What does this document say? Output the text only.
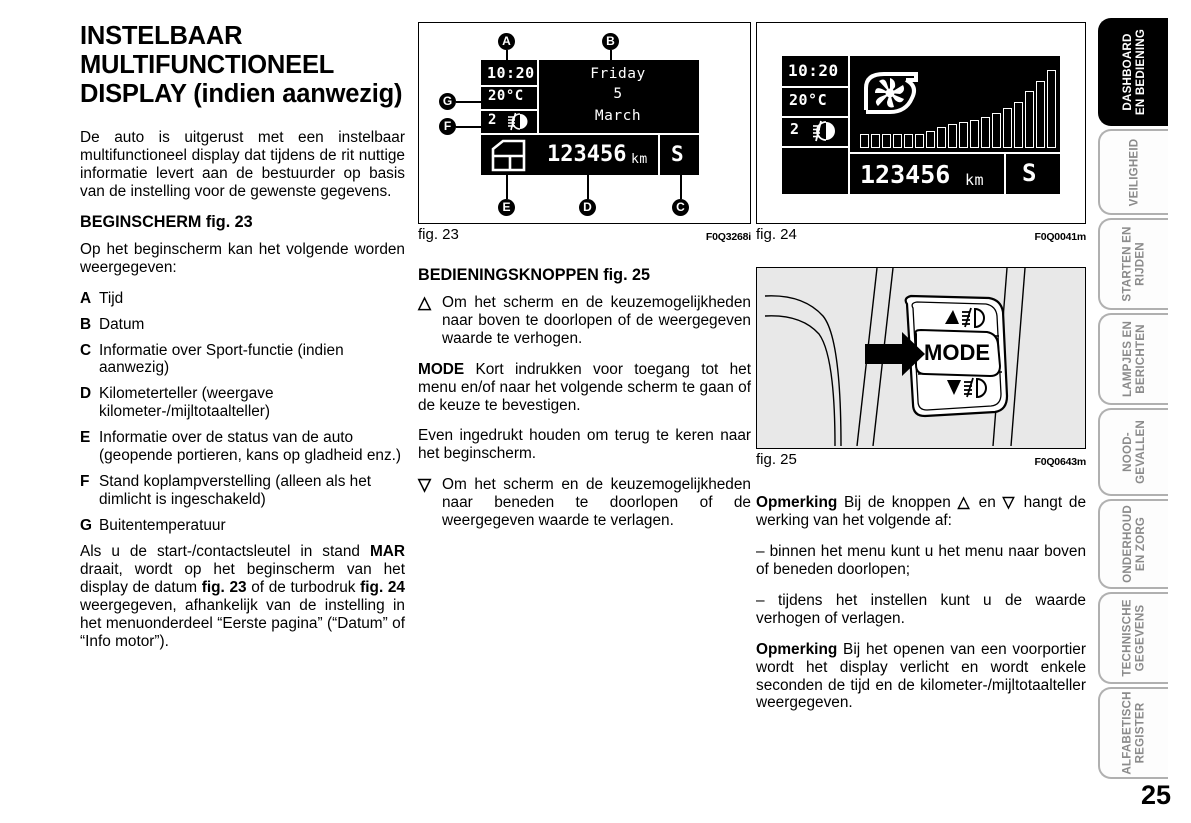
INSTELBAAR MULTIFUNCTIONEEL DISPLAY (indien aanwezig)

De auto is uitgerust met een instelbaar multifunctioneel display dat tijdens de rit nuttige informatie levert aan de bestuurder op basis van de instelling voor de gewenste gegevens.

BEGINSCHERM fig. 23

Op het beginscherm kan het volgende worden weergegeven:

A Tijd
B Datum
C Informatie over Sport-functie (indien aanwezig)
D Kilometerteller (weergave kilometer-/mijltotaalteller)
E Informatie over de status van de auto (geopende portieren, kans op gladheid enz.)
F Stand koplampverstelling (alleen als het dimlicht is ingeschakeld)
G Buitentemperatuur

Als u de start-/contactsleutel in stand MAR draait, wordt op het beginscherm van het display de datum fig. 23 of de turbodruk fig. 24 weergegeven, afhankelijk van de instelling in het menuonderdeel “Eerste pagina” (“Datum” of “Info motor”).

A	B
G
F
E	D	C
10:20
20°C
2
Friday
5
March
123456 km S
fig. 23	F0Q3268i
BEDIENINGSKNOPPEN fig. 25
△ Om het scherm en de keuzemogelijkheden naar boven te doorlopen of de weergegeven waarde te verhogen.

MODE Kort indrukken voor toegang tot het menu en/of naar het volgende scherm te gaan of de keuze te bevestigen.

Even ingedrukt houden om terug te keren naar het beginscherm.

▽ Om het scherm en de keuzemogelijkheden naar beneden te doorlopen of de weergegeven waarde te verlagen.
10:20
20°C
2
123456 km S
fig. 24	F0Q0041m
MODE
fig. 25	F0Q0643m

Opmerking Bij de knoppen △ en ▽ hangt de werking van het volgende af:

– binnen het menu kunt u het menu naar boven of beneden doorlopen;

– tijdens het instellen kunt u de waarde verhogen of verlagen.

Opmerking Bij het openen van een voorportier wordt het display verlicht en wordt enkele seconden de tijd en de kilometer-/mijltotaalteller weergegeven.

DASHBOARD
EN BEDIENING
VEILIGHEID
STARTEN EN
RIJDEN
LAMPJES EN
BERICHTEN
NOOD-
GEVALLEN
ONDERHOUD
EN ZORG
TECHNISCHE
GEGEVENS
ALFABETISCH
REGISTER
25
